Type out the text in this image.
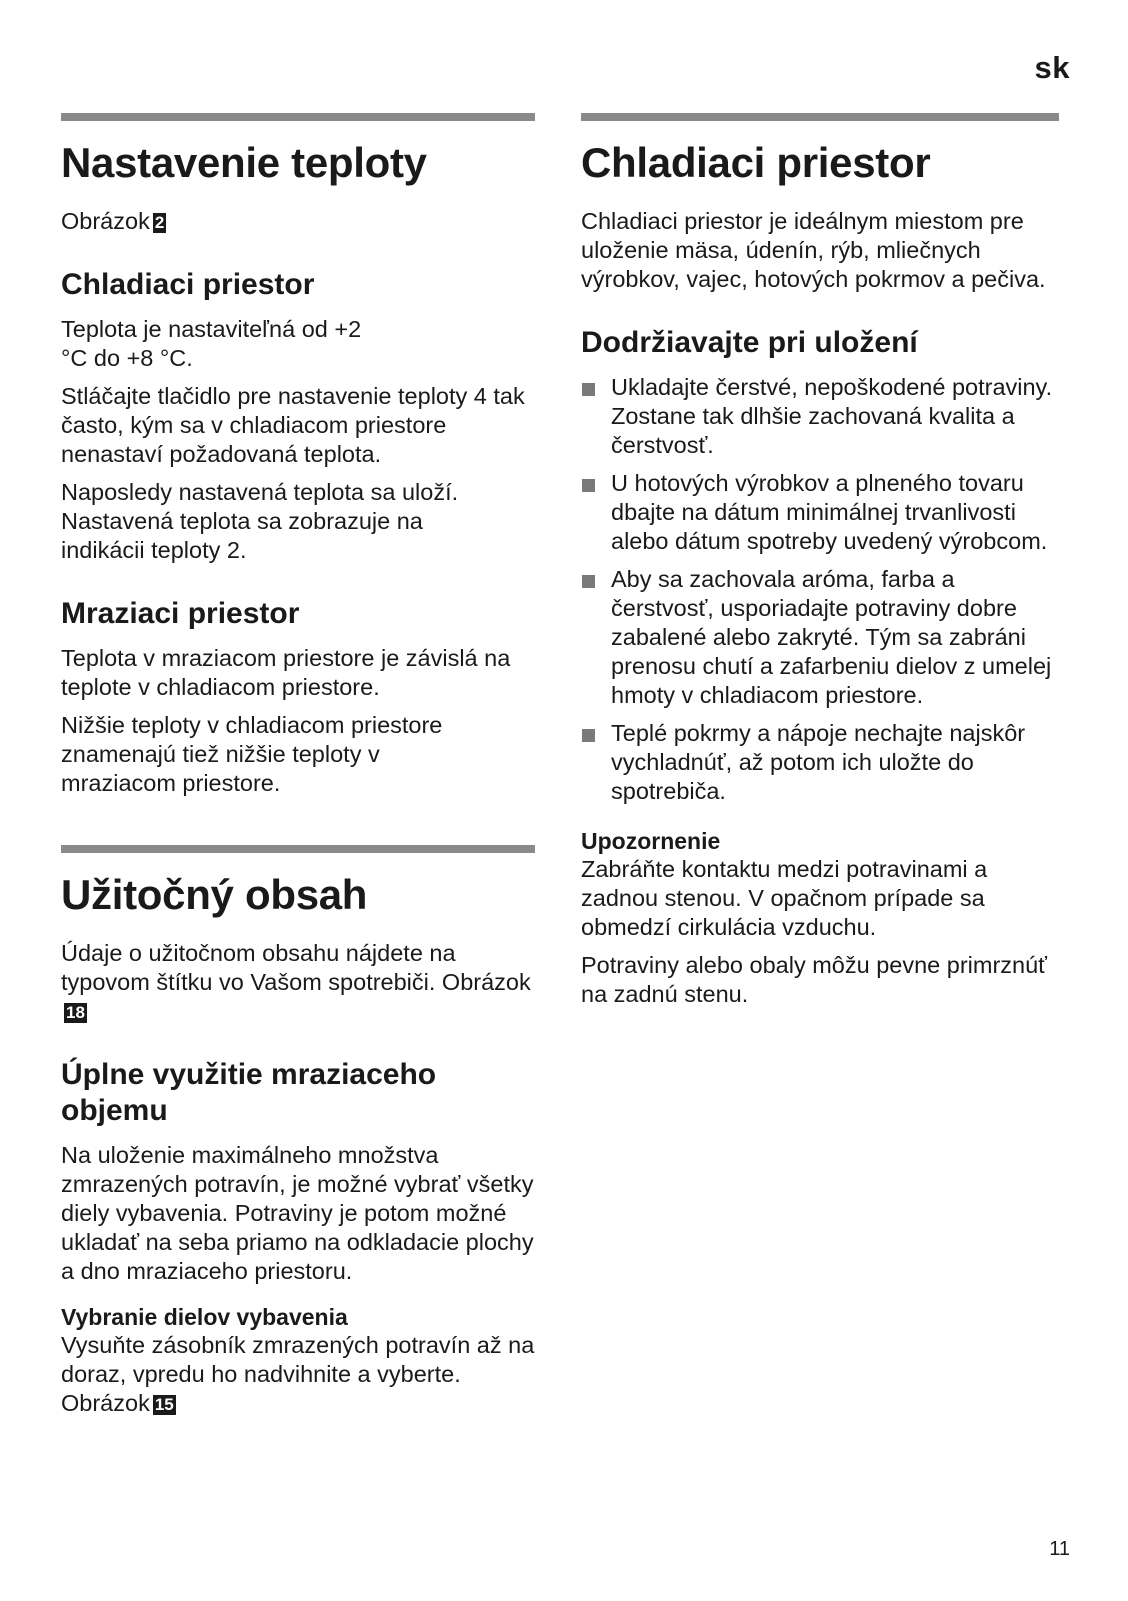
sk
Nastavenie teploty

Obrázok 2

Chladiaci priestor

Teplota je nastaviteľná od +2 °C do +8 °C.

Stláčajte tlačidlo pre nastavenie teploty 4 tak často, kým sa v chladiacom priestore nenastaví požadovaná teplota.

Naposledy nastavená teplota sa uloží. Nastavená teplota sa zobrazuje na indikácii teploty 2.

Mraziaci priestor

Teplota v mraziacom priestore je závislá na teplote v chladiacom priestore.

Nižšie teploty v chladiacom priestore znamenajú tiež nižšie teploty v mraziacom priestore.

Užitočný obsah

Údaje o užitočnom obsahu nájdete na typovom štítku vo Vašom spotrebiči. Obrázok18

Úplne využitie mraziaceho objemu

Na uloženie maximálneho množstva zmrazených potravín, je možné vybrať všetky diely vybavenia. Potraviny je potom možné ukladať na seba priamo na odkladacie plochy a dno mraziaceho priestoru.

Vybranie dielov vybavenia

Vysuňte zásobník zmrazených potravín až na doraz, vpredu ho nadvihnite a vyberte. Obrázok 15

Chladiaci priestor

Chladiaci priestor je ideálnym miestom pre uloženie mäsa, údenín, rýb, mliečnych výrobkov, vajec, hotových pokrmov a pečiva.

Dodržiavajte pri uložení
Ukladajte čerstvé, nepoškodené potraviny. Zostane tak dlhšie zachovaná kvalita a čerstvosť.
U hotových výrobkov a plneného tovaru dbajte na dátum minimálnej trvanlivosti alebo dátum spotreby uvedený výrobcom.
Aby sa zachovala aróma, farba a čerstvosť, usporiadajte potraviny dobre zabalené alebo zakryté. Tým sa zabráni prenosu chutí a zafarbeniu dielov z umelej hmoty v chladiacom priestore.
Teplé pokrmy a nápoje nechajte najskôr vychladnúť, až potom ich uložte do spotrebiča.
Upozornenie

Zabráňte kontaktu medzi potravinami a zadnou stenou. V opačnom prípade sa obmedzí cirkulácia vzduchu.

Potraviny alebo obaly môžu pevne primrznúť na zadnú stenu.

11
